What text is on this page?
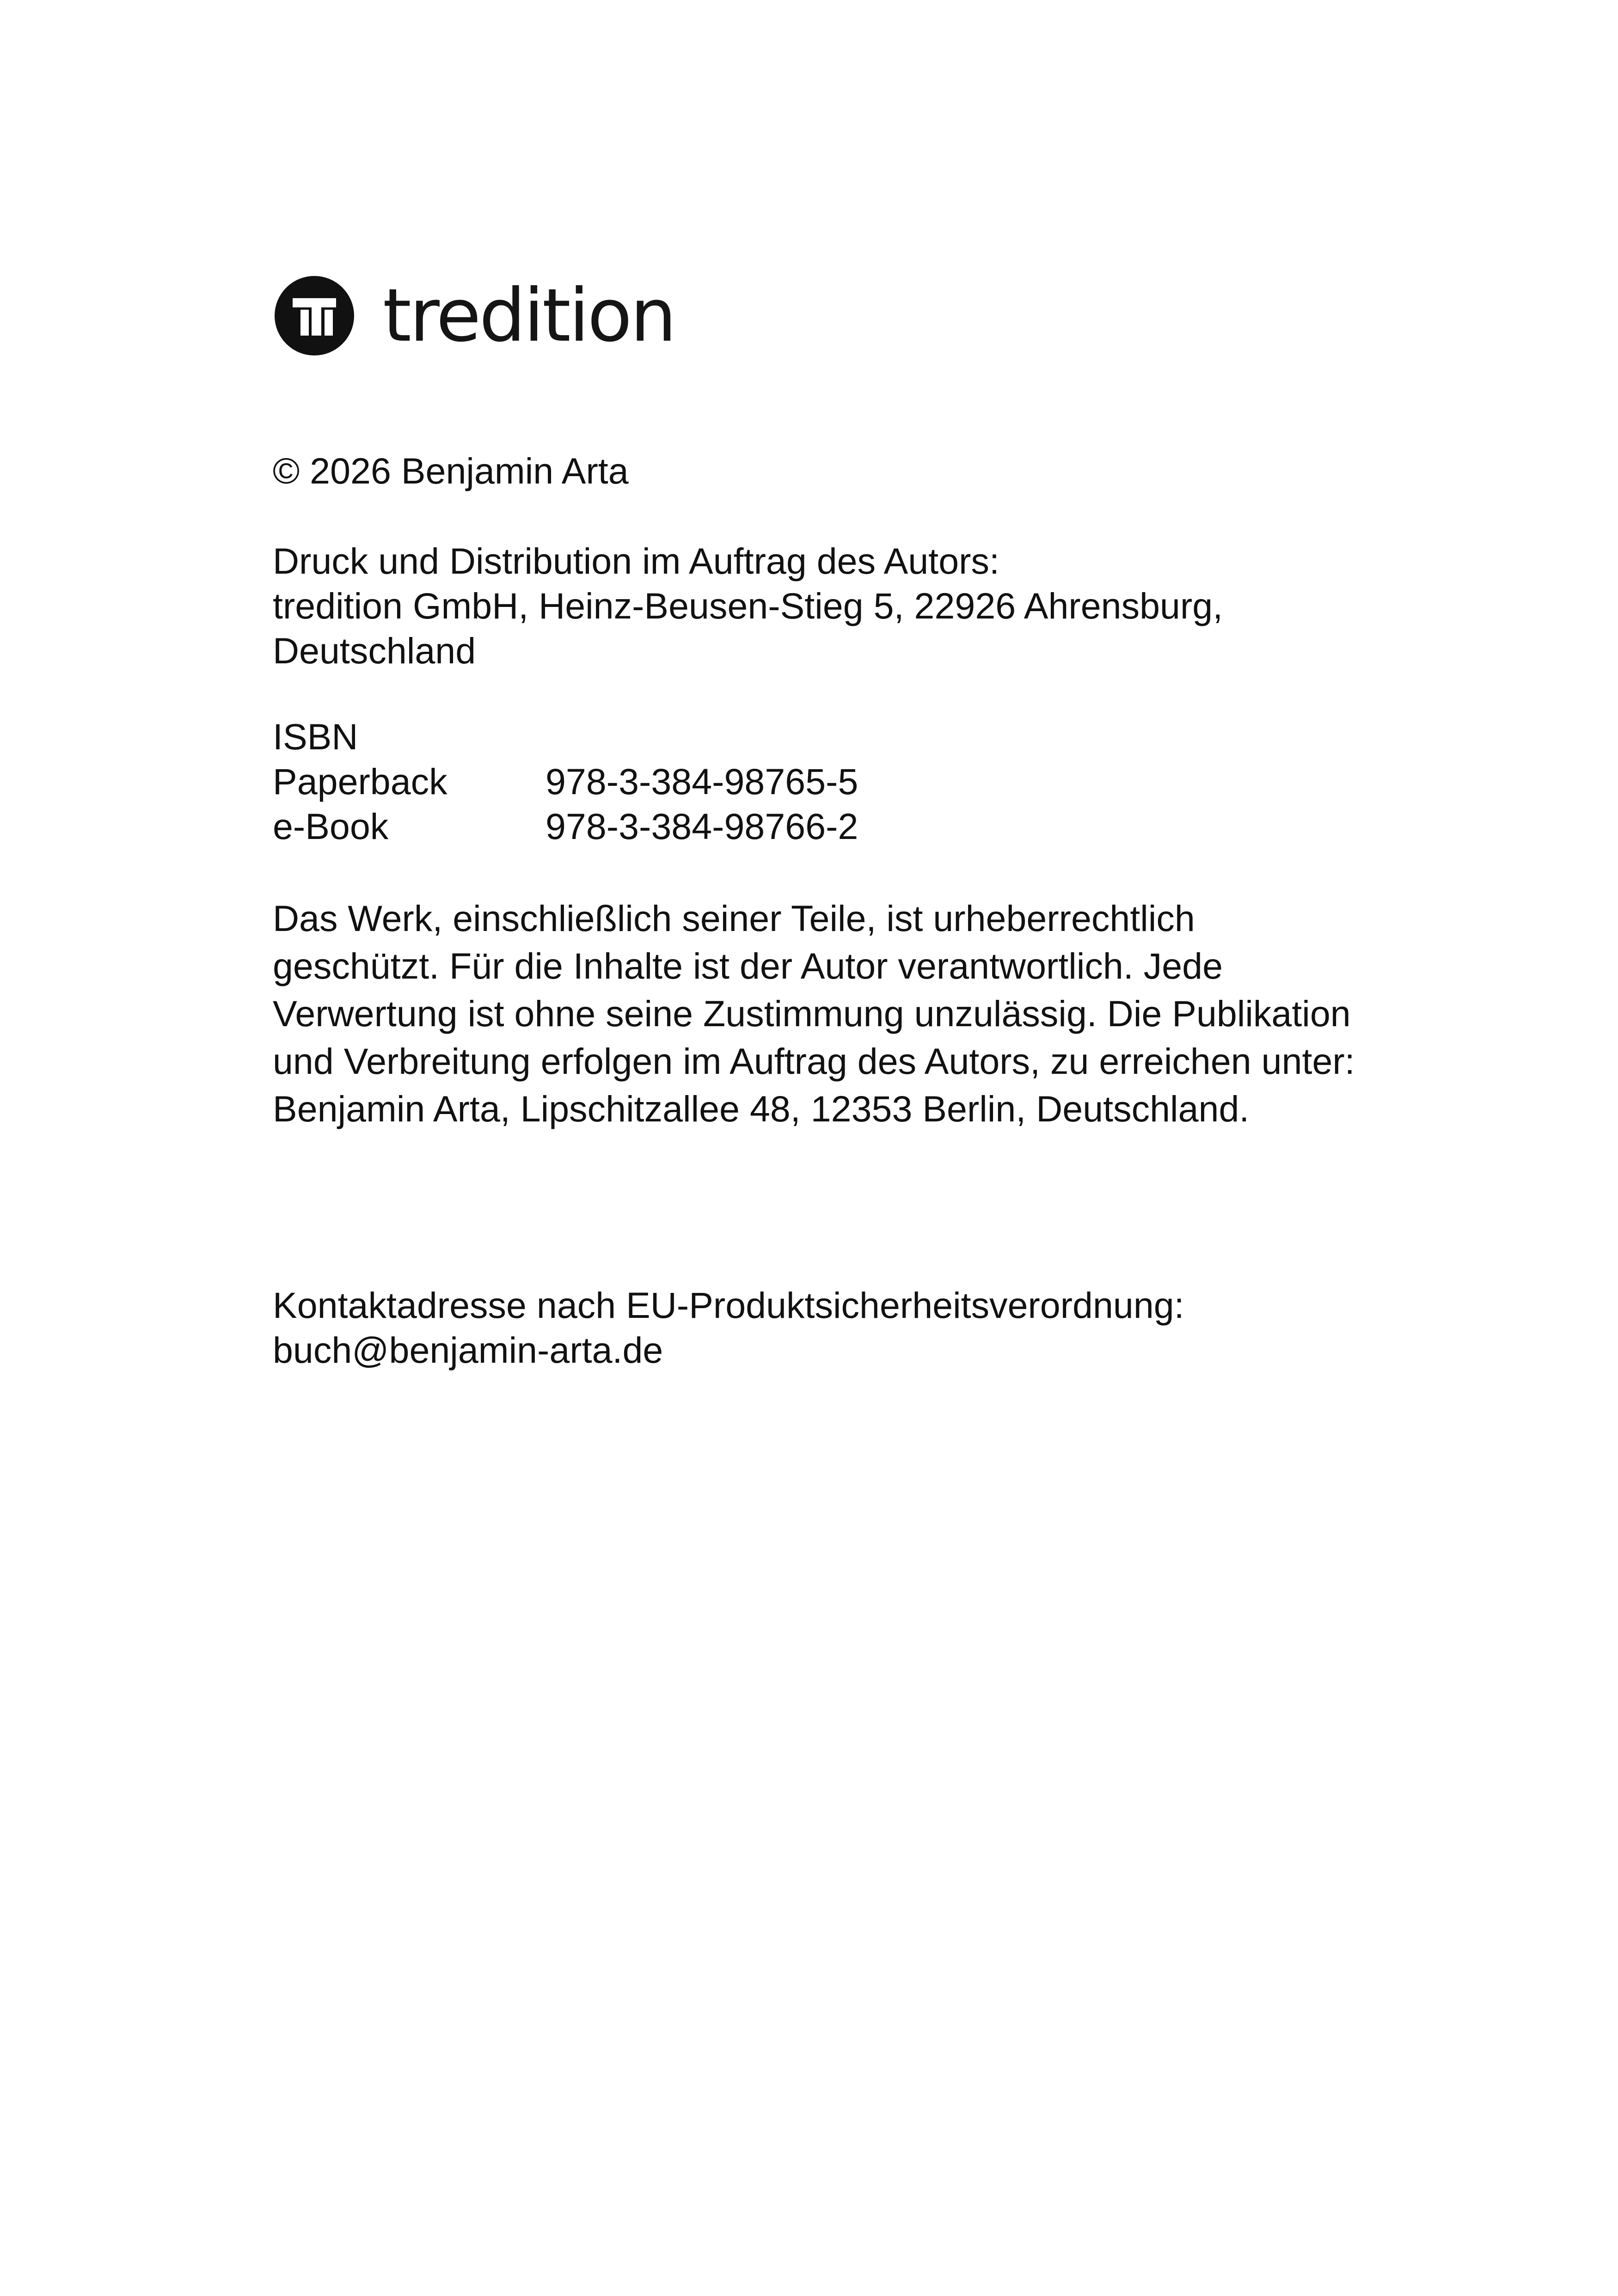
tredition
© 2026 Benjamin Arta
Druck und Distribution im Auftrag des Autors:
tredition GmbH, Heinz-Beusen-Stieg 5, 22926 Ahrensburg,
Deutschland
ISBN
Paperback	978-3-384-98765-5
e-Book	978-3-384-98766-2
Das Werk, einschließlich seiner Teile, ist urheberrechtlich geschützt. Für die Inhalte ist der Autor verantwortlich. Jede Verwertung ist ohne seine Zustimmung unzulässig. Die Publikation und Verbreitung erfolgen im Auftrag des Autors, zu erreichen unter: Benjamin Arta, Lipschitzallee 48, 12353 Berlin, Deutschland.
Kontaktadresse nach EU-Produktsicherheitsverordnung:
buch@benjamin-arta.de
